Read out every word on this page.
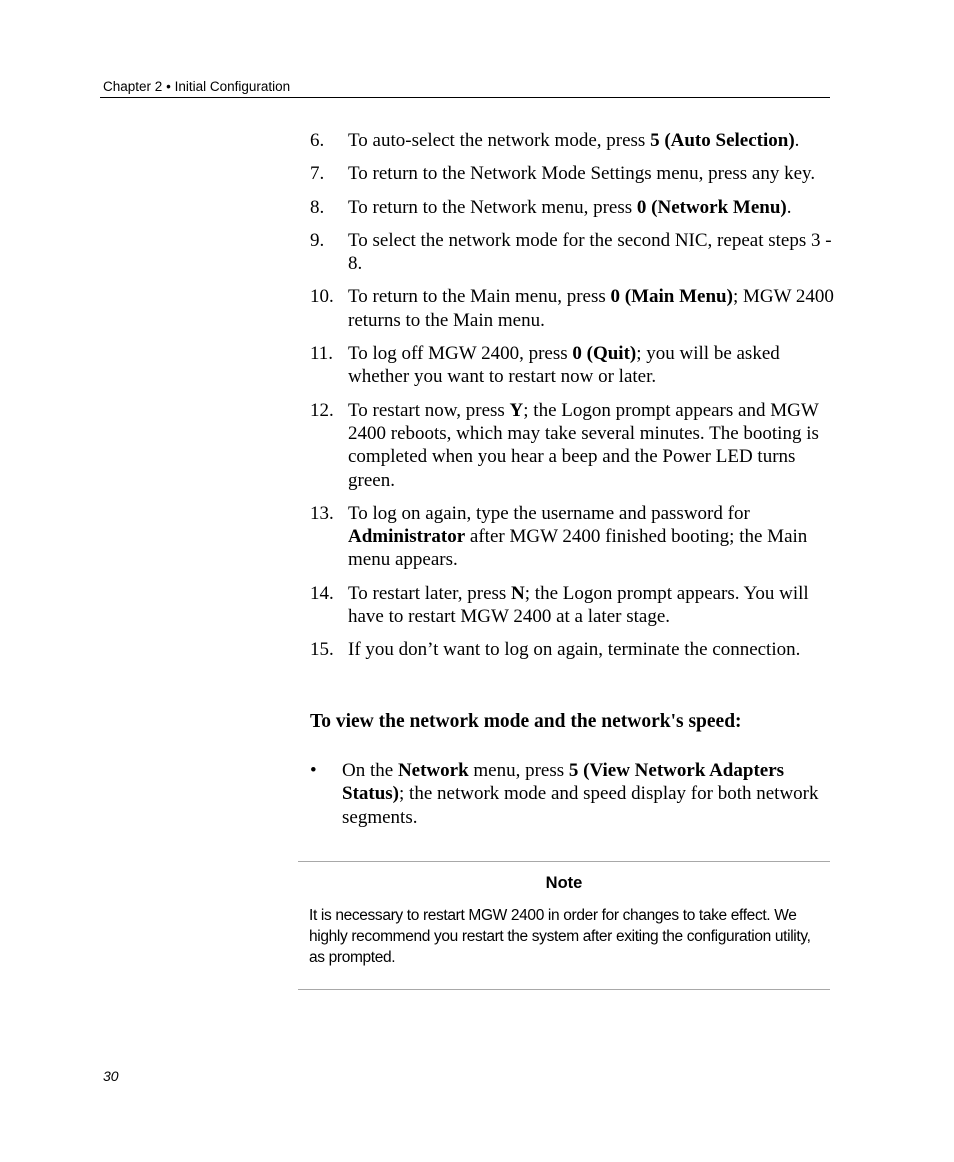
Chapter 2 • Initial Configuration
6.	To auto-select the network mode, press 5 (Auto Selection).
7.	To return to the Network Mode Settings menu, press any key.
8.	To return to the Network menu, press 0 (Network Menu).
9.	To select the network mode for the second NIC, repeat steps 3 - 8.
10. To return to the Main menu, press 0 (Main Menu); MGW 2400 returns to the Main menu.
11. To log off MGW 2400, press 0 (Quit); you will be asked whether you want to restart now or later.
12. To restart now, press Y; the Logon prompt appears and MGW 2400 reboots, which may take several minutes. The booting is completed when you hear a beep and the Power LED turns green.
13. To log on again, type the username and password for Administrator after MGW 2400 finished booting; the Main menu appears.
14. To restart later, press N; the Logon prompt appears. You will have to restart MGW 2400 at a later stage.
15. If you don’t want to log on again, terminate the connection.
To view the network mode and the network's speed:
•	On the Network menu, press 5 (View Network Adapters Status); the network mode and speed display for both network segments.
Note

It is necessary to restart MGW 2400 in order for changes to take effect. We highly recommend you restart the system after exiting the configuration utility, as prompted.

30
